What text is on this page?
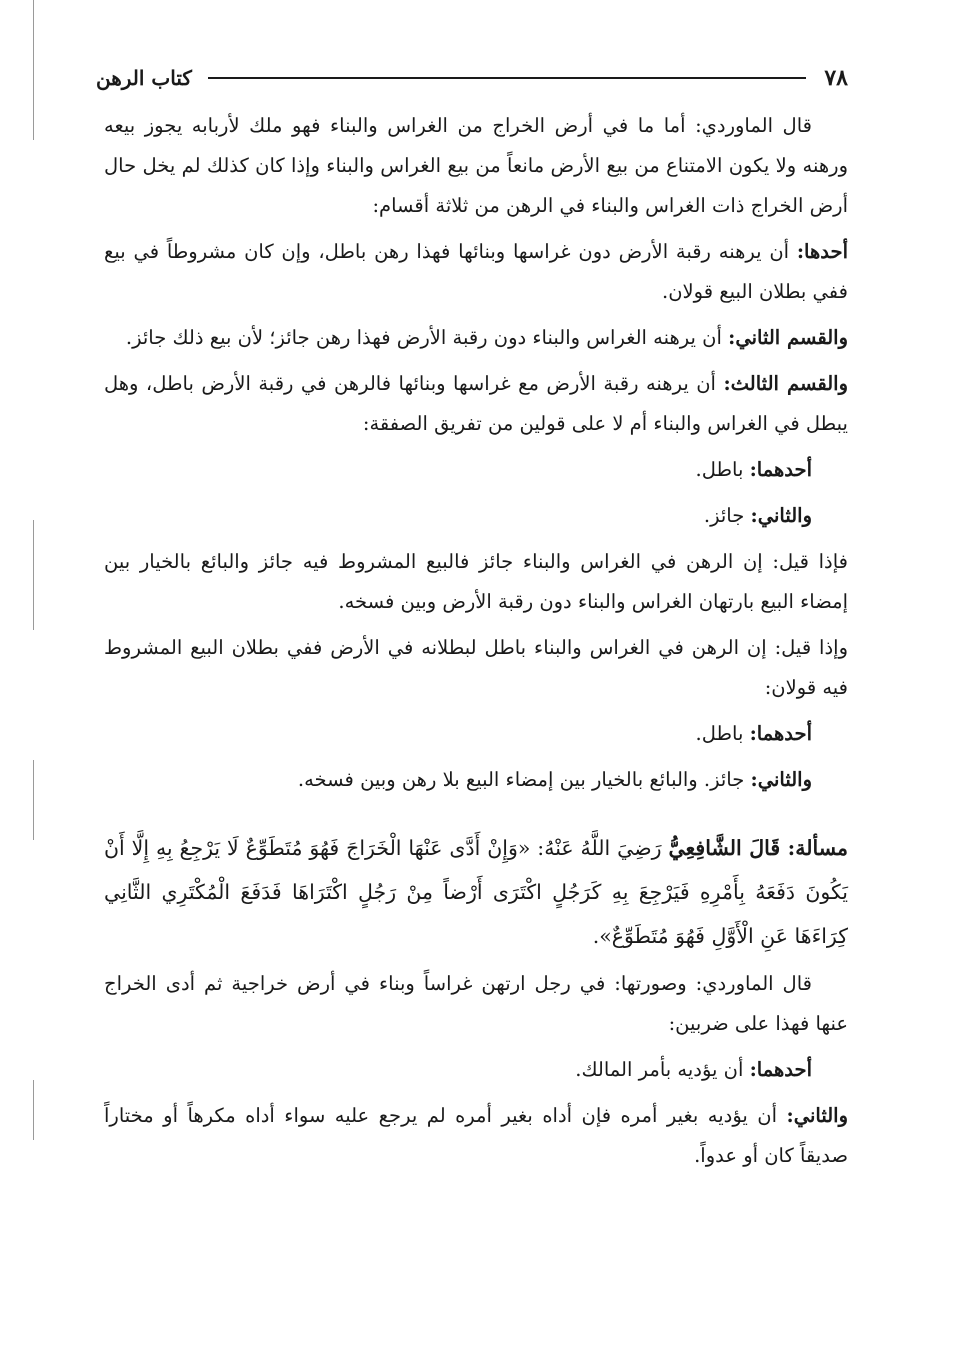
٧٨
كتاب الرهن

قال الماوردي: أما ما في أرض الخراج من الغراس والبناء فهو ملك لأربابه يجوز بيعه ورهنه ولا يكون الامتناع من بيع الأرض مانعاً من بيع الغراس والبناء وإذا كان كذلك لم يخل حال أرض الخراج ذات الغراس والبناء في الرهن من ثلاثة أقسام:

أحدها: أن يرهنه رقبة الأرض دون غراسها وبنائها فهذا رهن باطل، وإن كان مشروطاً في بيع ففي بطلان البيع قولان.

والقسم الثاني: أن يرهنه الغراس والبناء دون رقبة الأرض فهذا رهن جائز؛ لأن بيع ذلك جائز.

والقسم الثالث: أن يرهنه رقبة الأرض مع غراسها وبنائها فالرهن في رقبة الأرض باطل، وهل يبطل في الغراس والبناء أم لا على قولين من تفريق الصفقة:

أحدهما: باطل.

والثاني: جائز.

فإذا قيل: إن الرهن في الغراس والبناء جائز فالبيع المشروط فيه جائز والبائع بالخيار بين إمضاء البيع بارتهان الغراس والبناء دون رقبة الأرض وبين فسخه.

وإذا قيل: إن الرهن في الغراس والبناء باطل لبطلانه في الأرض ففي بطلان البيع المشروط فيه قولان:

أحدهما: باطل.

والثاني: جائز. والبائع بالخيار بين إمضاء البيع بلا رهن وبين فسخه.

مسألة: قَالَ الشَّافِعِيُّ رَضِيَ اللَّهُ عَنْهُ: «وَإِنْ أَدَّى عَنْهَا الْخَرَاجَ فَهُوَ مُتَطَوِّعٌ لَا يَرْجِعُ بِهِ إِلَّا أَنْ يَكُونَ دَفَعَهُ بِأَمْرِهِ فَيَرْجِعَ بِهِ كَرَجُلٍ اكْتَرَى أَرْضاً مِنْ رَجُلٍ اكْتَرَاهَا فَدَفَعَ الْمُكْتَرِي الثَّانِي كِرَاءَهَا عَنِ الْأَوَّلِ فَهُوَ مُتَطَوِّعٌ».

قال الماوردي: وصورتها: في رجل ارتهن غراساً وبناء في أرض خراجية ثم أدى الخراج عنها فهذا على ضربين:

أحدهما: أن يؤديه بأمر المالك.

والثاني: أن يؤديه بغير أمره فإن أداه بغير أمره لم يرجع عليه سواء أداه مكرهاً أو مختاراً صديقاً كان أو عدواً.
